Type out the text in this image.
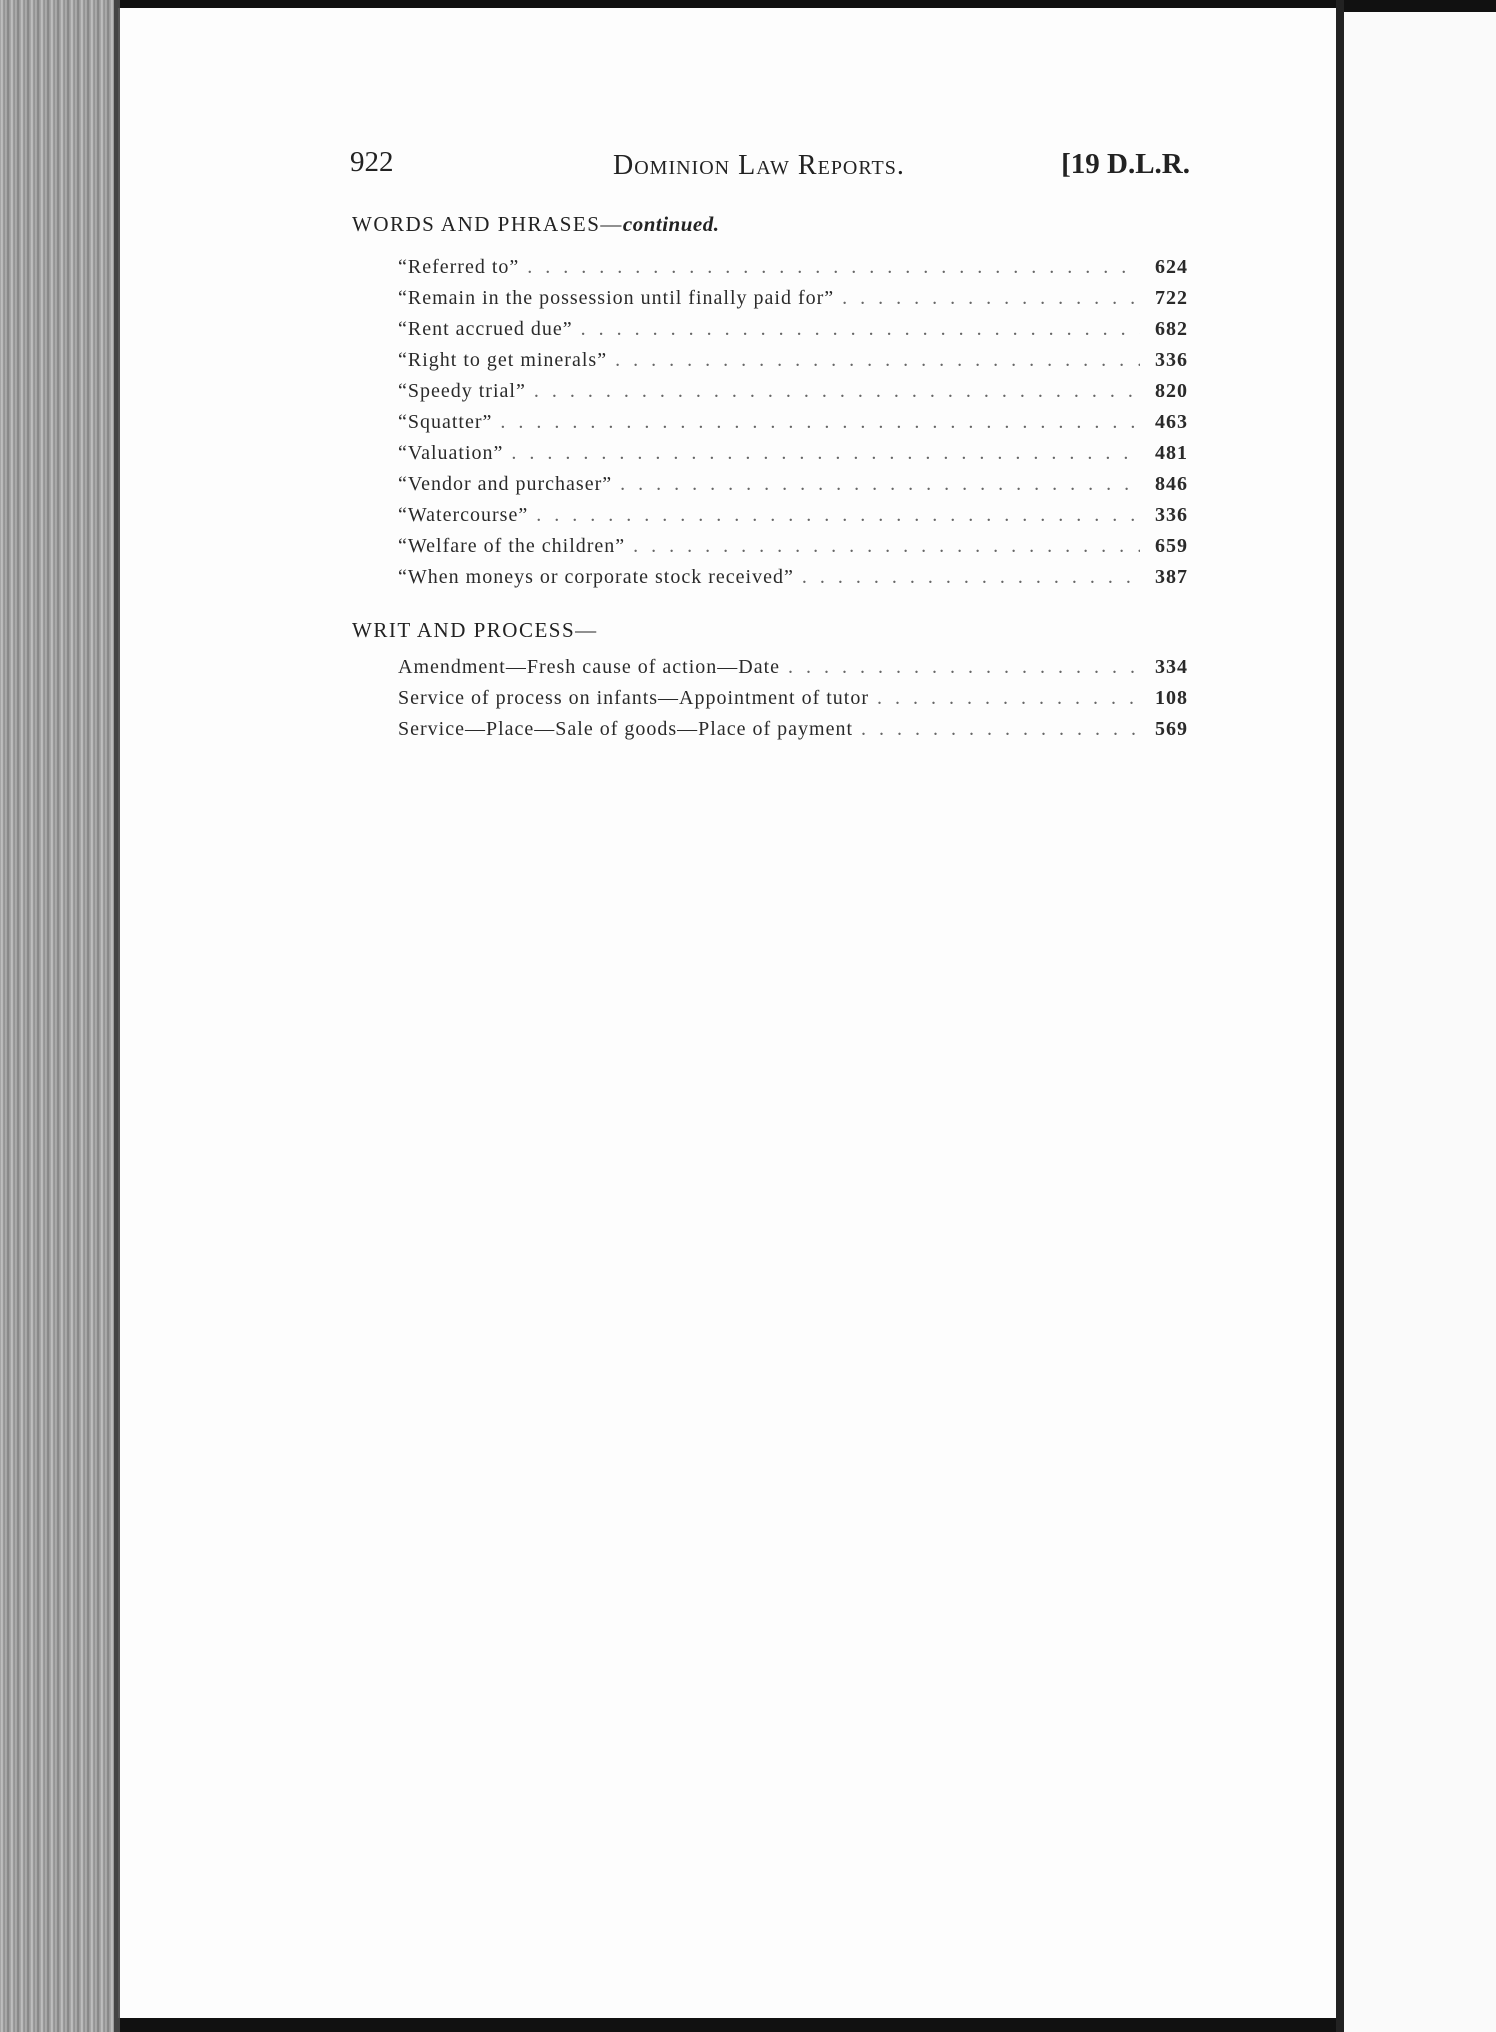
922	Dominion Law Reports.	[19 D.L.R.
WORDS AND PHRASES—continued.
“Referred to” . . .	624
“Remain in the possession until finally paid for” . . .	722
“Rent accrued due” . . .	682
“Right to get minerals” . . .	336
“Speedy trial” . . .	820
“Squatter” . . .	463
“Valuation” . . .	481
“Vendor and purchaser” . . .	846
“Watercourse” . . .	336
“Welfare of the children” . . .	659
“When moneys or corporate stock received” . . .	387
WRIT AND PROCESS—
Amendment—Fresh cause of action—Date . . .	334
Service of process on infants—Appointment of tutor . . .	108
Service—Place—Sale of goods—Place of payment . . .	569
